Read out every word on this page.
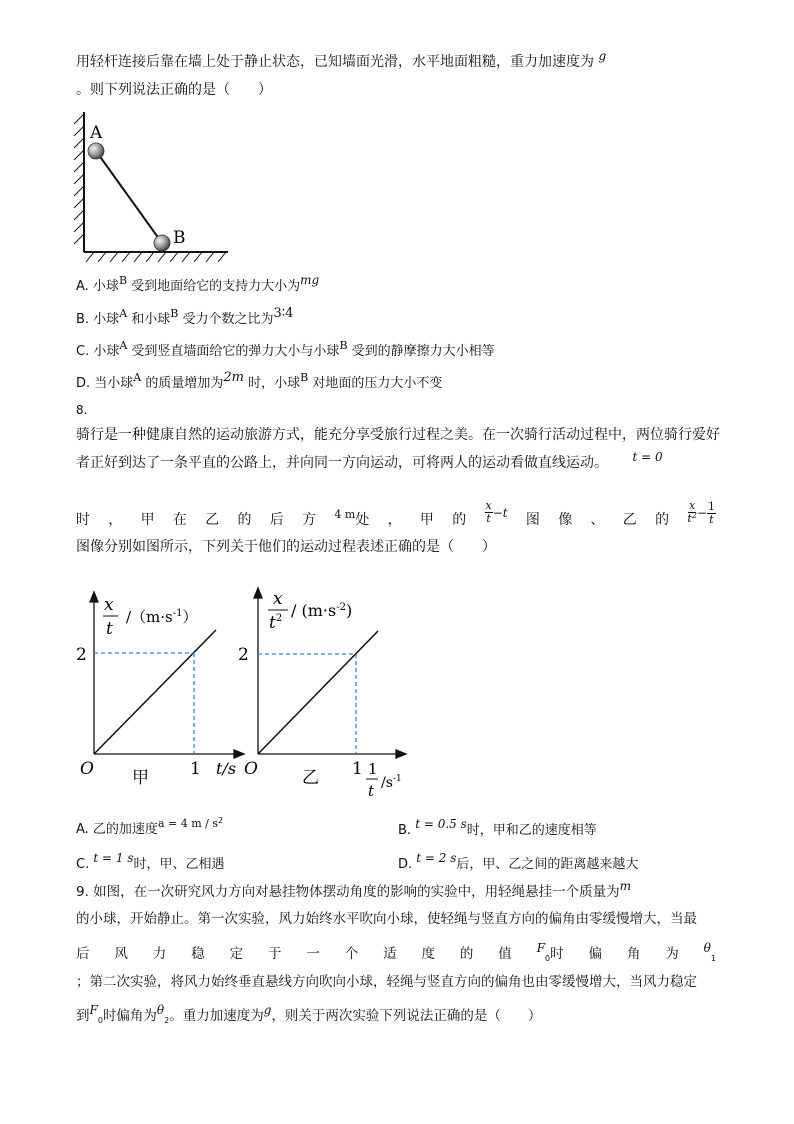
用轻杆连接后靠在墙上处于静止状态，已知墙面光滑，水平地面粗糙，重力加速度为 g
。则下列说法正确的是（　　）
A
B
A. 小球$^B$ 受到地面给它的支持力大小为mg
B. 小球$^A$ 和小球$^B$ 受力个数之比为3∶4
C. 小球$^A$ 受到竖直墙面给它的弹力大小与小球$^B$ 受到的静摩擦力大小相等
D. 当小球$^A$ 的质量增加为2m 时，小球$^B$ 对地面的压力大小不变
8.
骑行是一种健康自然的运动旅游方式，能充分享受旅行过程之美。在一次骑行活动过程中，两位骑行爱好
者正好到达了一条平直的公路上，并向同一方向运动，可将两人的运动看做直线运动。 t = 0
时 ， 甲 在 乙 的 后 方 $^{4 m}$处 ， 甲 的 $\frac{x}{t} -t$ 图 像 、 乙 的 $\frac{x}{t^2} - \frac{1}{t}$
图像分别如图所示，下列关于他们的运动过程表述正确的是（　　）
x
t
$/(m\cdot s^{-1})$
2
O	1 t/s
甲
x
$t^2 / (m\cdot s^{-2})$
2
O	1 1
t $/s^{-1}$
乙
A. 乙的加速度$^{a = 4 m / s2}$
B. t = 0.5 s时，甲和乙的速度相等
C. t = 1 s时，甲、乙相遇	D. t = 2 s后，甲、乙之间的距离越来越大
9. 如图，在一次研究风力方向对悬挂物体摆动角度的影响的实验中，用轻绳悬挂一个质量为m
的小球，开始静止。第一次实验，风力始终水平吹向小球，使轻绳与竖直方向的偏角由零缓慢增大，当最
后 风 力 稳 定 于 一 个 适 度 的 值 $F_0$时 偏 角 为 $\theta_1$
；第二次实验，将风力始终垂直悬线方向吹向小球，轻绳与竖直方向的偏角也由零缓慢增大，当风力稳定
到$F_0$时偏角为$\theta_2$。重力加速度为g，则关于两次实验下列说法正确的是（　　）
